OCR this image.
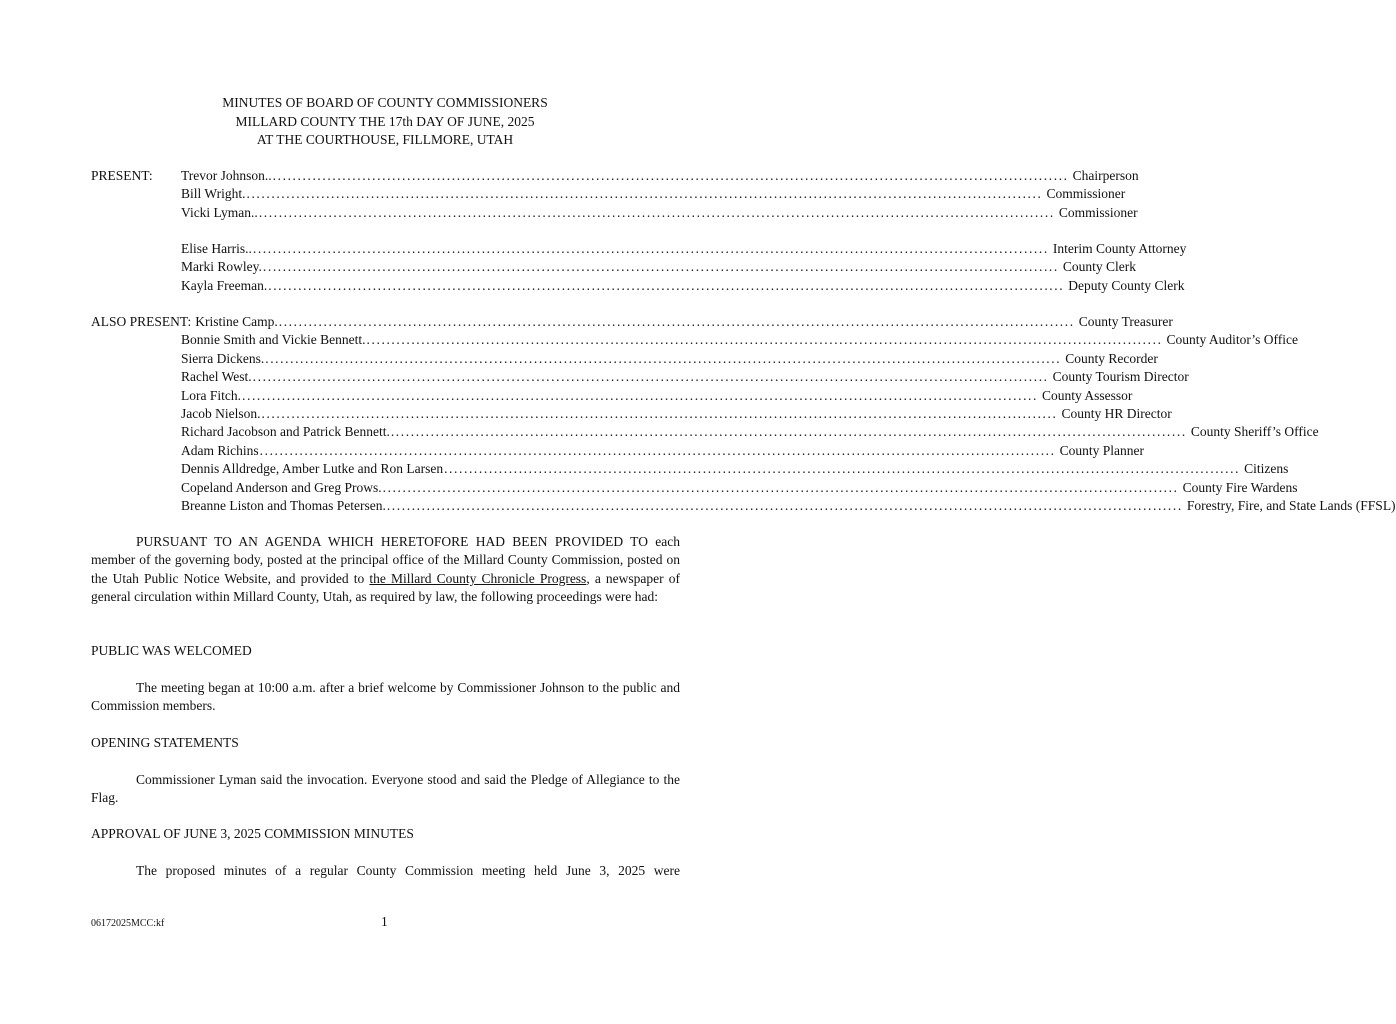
MINUTES OF BOARD OF COUNTY COMMISSIONERS
MILLARD COUNTY THE 17th DAY OF JUNE, 2025
AT THE COURTHOUSE, FILLMORE, UTAH
PRESENT: Trevor Johnson.. ................................................................................................................................................................ Chairperson
Bill Wright. ................................................................................................................................................................ Commissioner
Vicki Lyman.. ................................................................................................................................................................ Commissioner
Elise Harris.. ................................................................................................................................................................ Interim County Attorney
Marki Rowley. ................................................................................................................................................................ County Clerk
Kayla Freeman. ................................................................................................................................................................ Deputy County Clerk
ALSO PRESENT: Kristine Camp. ................................................................................................................................................................ County Treasurer
Bonnie Smith and Vickie Bennett. ................................................................................................................................................................ County Auditor’s Office
Sierra Dickens. ................................................................................................................................................................ County Recorder
Rachel West. ................................................................................................................................................................ County Tourism Director
Lora Fitch. ................................................................................................................................................................ County Assessor
Jacob Nielson. ................................................................................................................................................................ County HR Director
Richard Jacobson and Patrick Bennett. ................................................................................................................................................................ County Sheriff’s Office
Adam Richins ................................................................................................................................................................ County Planner
Dennis Alldredge, Amber Lutke and Ron Larsen ................................................................................................................................................................ Citizens
Copeland Anderson and Greg Prows. ................................................................................................................................................................ County Fire Wardens
Breanne Liston and Thomas Petersen. ................................................................................................................................................................ Forestry, Fire, and State Lands (FFSL)

PURSUANT TO AN AGENDA WHICH HERETOFORE HAD BEEN PROVIDED TO each member of the governing body, posted at the principal office of the Millard County Commission, posted on the Utah Public Notice Website, and provided to the Millard County Chronicle Progress, a newspaper of general circulation within Millard County, Utah, as required by law, the following proceedings were had:

PUBLIC WAS WELCOMED

The meeting began at 10:00 a.m. after a brief welcome by Commissioner Johnson to the public and Commission members.

OPENING STATEMENTS

Commissioner Lyman said the invocation. Everyone stood and said the Pledge of Allegiance to the Flag.

APPROVAL OF JUNE 3, 2025 COMMISSION MINUTES

The proposed minutes of a regular County Commission meeting held June 3, 2025 were

06172025MCC:kf	1
